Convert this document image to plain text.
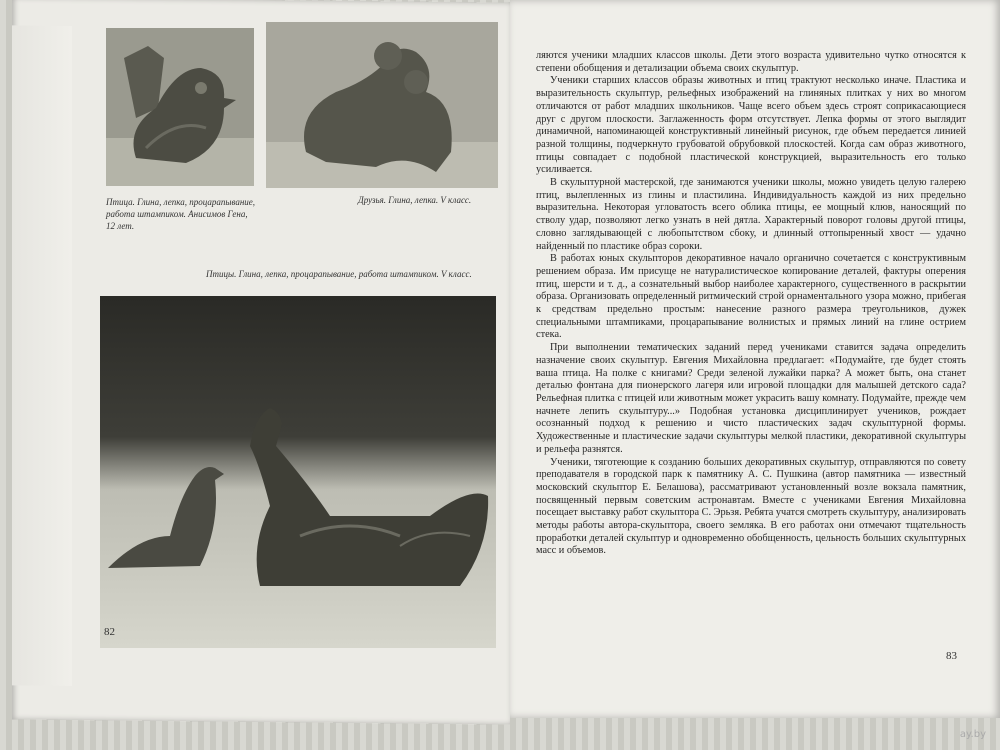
Птица. Глина, лепка, процарапывание, работа штампиком. Анисимов Гена, 12 лет.
Друзья. Глина, лепка. V класс.
Птицы. Глина, лепка, процарапывание, работа штампиком. V класс.
82

ляются ученики младших классов школы. Дети этого возраста удивительно чутко относятся к степени обобщения и детализации объема своих скульптур.

Ученики старших классов образы животных и птиц трактуют несколько иначе. Пластика и выразительность скульптур, рельефных изображений на глиняных плитках у них во многом отличаются от работ младших школьников. Чаще всего объем здесь строят соприкасающиеся друг с другом плоскости. Заглаженность форм отсутствует. Лепка формы от этого выглядит динамичной, напоминающей конструктивный линейный рисунок, где объем передается линией разной толщины, подчеркнуто грубоватой обрубовкой плоскостей. Когда сам образ животного, птицы совпадает с подобной пластической конструкцией, выразительность его только усиливается.

В скульптурной мастерской, где занимаются ученики школы, можно увидеть целую галерею птиц, вылепленных из глины и пластилина. Индивидуальность каждой из них предельно выразительна. Некоторая угловатость всего облика птицы, ее мощный клюв, наносящий по стволу удар, позволяют легко узнать в ней дятла. Характерный поворот головы другой птицы, словно заглядывающей с любопытством сбоку, и длинный оттопыренный хвост — удачно найденный по пластике образ сороки.

В работах юных скульпторов декоративное начало органично сочетается с конструктивным решением образа. Им присуще не натуралистическое копирование деталей, фактуры оперения птиц, шерсти и т. д., а сознательный выбор наиболее характерного, существенного в раскрытии образа. Организовать определенный ритмический строй орнаментального узора можно, прибегая к средствам предельно простым: нанесение разного размера треугольников, дужек специальными штампиками, процарапывание волнистых и прямых линий на глине острием стека.

При выполнении тематических заданий перед учениками ставится задача определить назначение своих скульптур. Евгения Михайловна предлагает: «Подумайте, где будет стоять ваша птица. На полке с книгами? Среди зеленой лужайки парка? А может быть, она станет деталью фонтана для пионерского лагеря или игровой площадки для малышей детского сада? Рельефная плитка с птицей или животным может украсить вашу комнату. Подумайте, прежде чем начнете лепить скульптуру...» Подобная установка дисциплинирует учеников, рождает осознанный подход к решению и чисто пластических задач скульптурной формы. Художественные и пластические задачи скульптуры мелкой пластики, декоративной скульптуры и рельефа разнятся.

Ученики, тяготеющие к созданию больших декоративных скульптур, отправляются по совету преподавателя в городской парк к памятнику А. С. Пушкина (автор памятника — известный московский скульптор Е. Белашова), рассматривают установленный возле вокзала памятник, посвященный первым советским астронавтам. Вместе с учениками Евгения Михайловна посещает выставку работ скульптора С. Эрьзя. Ребята учатся смотреть скульптуру, анализировать методы работы автора-скульптора, своего земляка. В его работах они отмечают тщательность проработки деталей скульптур и одновременно обобщенность, цельность больших скульптурных масс и объемов.

83
ay.by
